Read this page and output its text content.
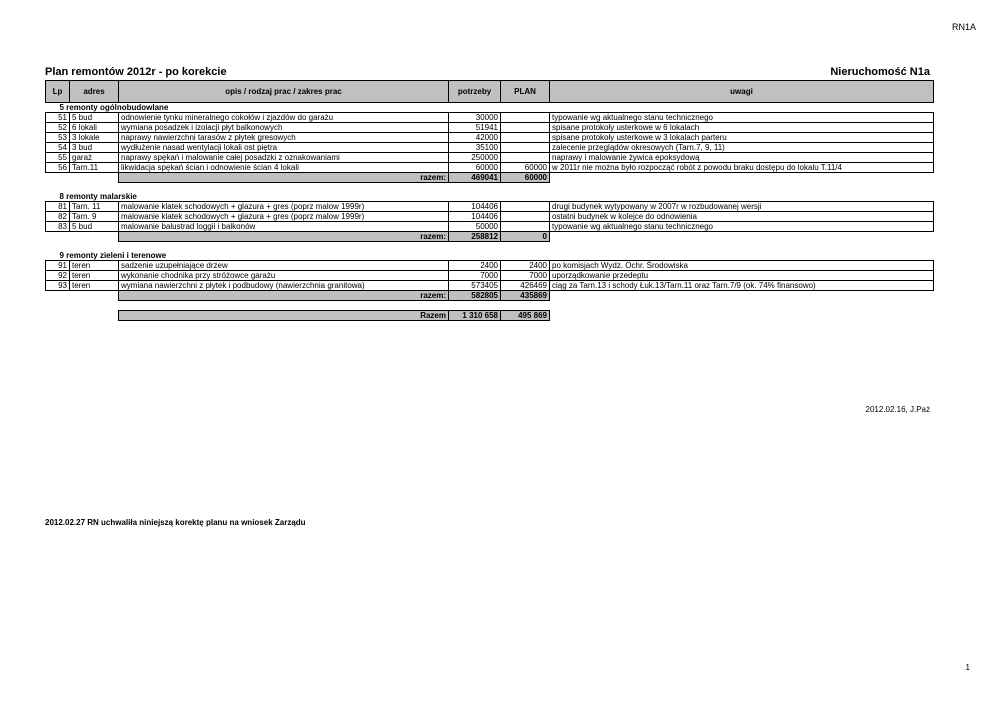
RN1A
Plan remontów 2012r - po korekcie	Nieruchomość N1a
Lp	adres	opis / rodzaj prac / zakres prac	potrzeby	PLAN	uwagi
5 remonty ogólnobudowlane					
51	5 bud	odnowienie tynku mineralnego cokołów i zjazdów do garażu	30000		typowanie wg aktualnego stanu technicznego
52	6 lokali	wymiana posadzek i izolacji płyt balkonowych	51941		spisane protokoły usterkowe w 6 lokalach
53	3 lokale	naprawy nawierzchni tarasów z płytek gresowych	42000		spisane protokoły usterkowe w 3 lokalach parteru
54	3 bud	wydłużenie nasad wentylacji lokali ost piętra	35100		zalecenie przeglądów okresowych (Tarn.7, 9, 11)
55	garaż	naprawy spękań i malowanie całej posadzki z oznakowaniami	250000		naprawy i malowanie żywica epoksydową
56	Tarn.11	likwidacja spękań ścian i odnowienie ścian 4 lokali	60000	60000	w 2011r nie można było rozpocząć robót z powodu braku dostępu do lokalu T.11/4
		razem:	469041	60000	

8 remonty malarskie					
81	Tarn. 11	malowanie klatek schodowych + glazura + gres (poprz malow 1999r)	104406		drugi budynek wytypowany w 2007r w rozbudowanej wersji
82	Tarn. 9	malowanie klatek schodowych + glazura + gres (poprz malow 1999r)	104406		ostatni budynek w kolejce do odnowienia
83	5 bud	malowanie balustrad loggii i balkonów	50000		typowanie wg aktualnego stanu technicznego
		razem:	258812	0	

9 remonty zieleni i terenowe					
91	teren	sadzenie uzupełniające drzew	2400	2400	po komisjach Wydz. Ochr. Środowiska
92	teren	wykonanie chodnika przy stróżowce garażu	7000	7000	uporządkowanie przedeptu
93	teren	wymiana nawierzchni z płytek i podbudowy (nawierzchnia granitowa)	573405	426469	ciąg za Tarn.13 i schody Łuk.13/Tarn.11 oraz Tarn.7/9 (ok. 74% finansowo)
		razem:	582805	435869	

		Razem	1 310 658	495 869	
2012.02.16, J.Paż
2012.02.27 RN uchwaliła niniejszą korektę planu na wniosek Zarządu
1
